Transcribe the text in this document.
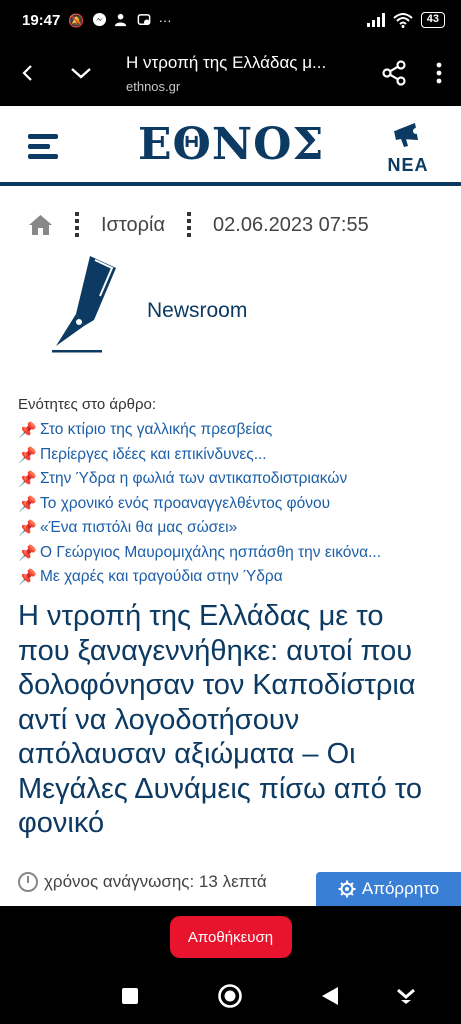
19:47 🔕	···	43
Η ντροπή της Ελλάδας μ...
ethnos.gr
ΕΘΝΟΣ	ΝΕΑ
Ιστορία 02.06.2023 07:55
Newsroom
Ενότητες στο άρθρο:
📌 Στο κτίριο της γαλλικής πρεσβείας
📌 Περίεργες ιδέες και επικίνδυνες...
📌 Στην Ύδρα η φωλιά των αντικαποδιστριακών
📌 Το χρονικό ενός προαναγγελθέντος φόνου
📌 «Ένα πιστόλι θα μας σώσει»
📌 Ο Γεώργιος Μαυρομιχάλης ησπάσθη την εικόνα...
📌 Με χαρές και τραγούδια στην Ύδρα
Η ντροπή της Ελλάδας με το που ξαναγεννήθηκε: αυτοί που δολοφόνησαν τον Καποδίστρια αντί να λογοδοτήσουν απόλαυσαν αξιώματα – Οι Μεγάλες Δυνάμεις πίσω από το φονικό
χρόνος ανάγνωσης: 13 λεπτά	Απόρρητο
Αποθήκευση
